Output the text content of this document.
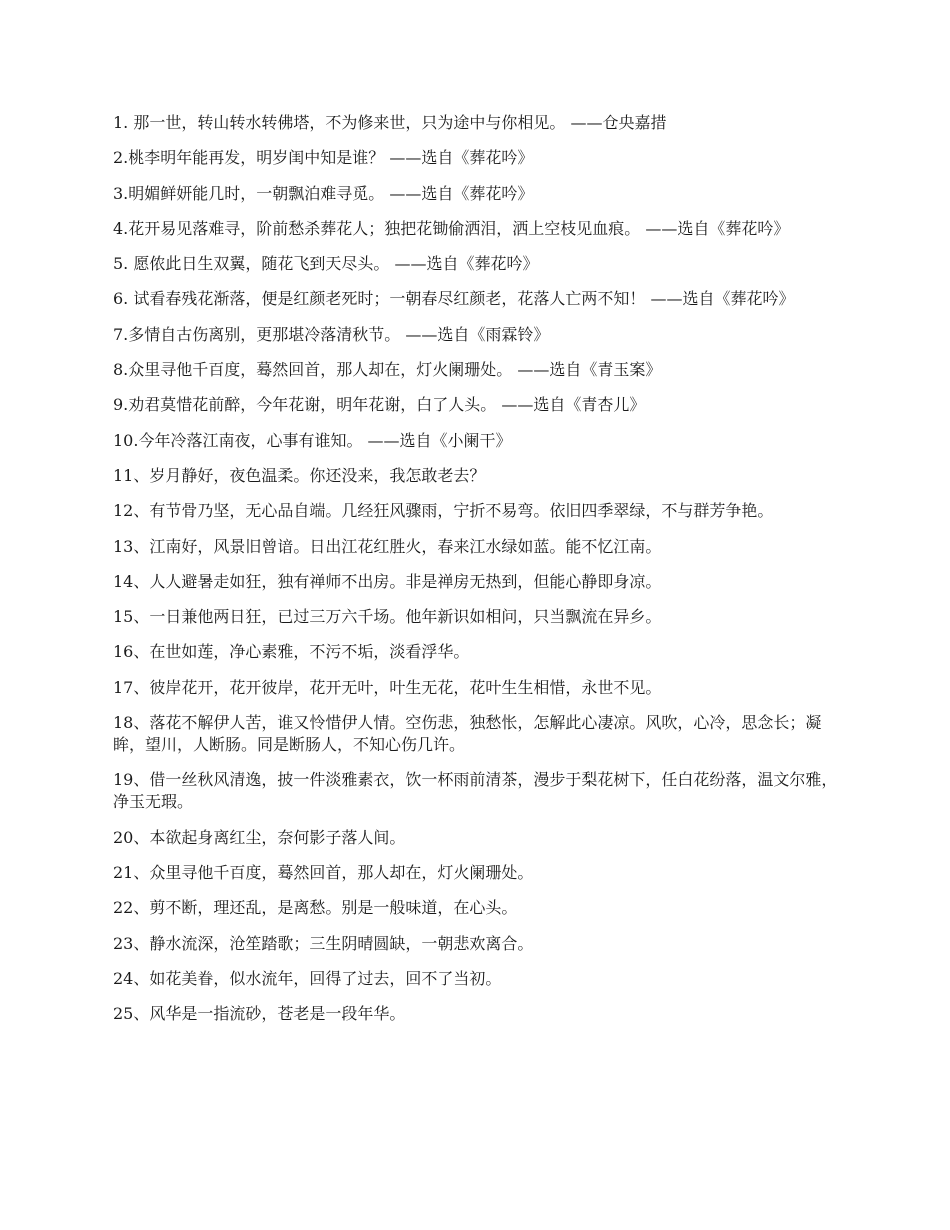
1. 那一世，转山转水转佛塔，不为修来世，只为途中与你相见。 ——仓央嘉措

2.桃李明年能再发，明岁闺中知是谁？ ——选自《葬花吟》

3.明媚鲜妍能几时，一朝飘泊难寻觅。 ——选自《葬花吟》

4.花开易见落难寻，阶前愁杀葬花人；独把花锄偷洒泪，洒上空枝见血痕。 ——选自《葬花吟》

5. 愿侬此日生双翼，随花飞到天尽头。 ——选自《葬花吟》

6. 试看春残花渐落，便是红颜老死时；一朝春尽红颜老，花落人亡两不知！ ——选自《葬花吟》

7.多情自古伤离别，更那堪冷落清秋节。 ——选自《雨霖铃》

8.众里寻他千百度，蓦然回首，那人却在，灯火阑珊处。 ——选自《青玉案》

9.劝君莫惜花前醉，今年花谢，明年花谢，白了人头。 ——选自《青杏儿》

10.今年冷落江南夜，心事有谁知。 ——选自《小阑干》

11、岁月静好，夜色温柔。你还没来，我怎敢老去？

12、有节骨乃坚，无心品自端。几经狂风骤雨，宁折不易弯。依旧四季翠绿，不与群芳争艳。

13、江南好，风景旧曾谙。日出江花红胜火，春来江水绿如蓝。能不忆江南。

14、人人避暑走如狂，独有禅师不出房。非是禅房无热到，但能心静即身凉。

15、一日兼他两日狂，已过三万六千场。他年新识如相问，只当飘流在异乡。

16、在世如莲，净心素雅，不污不垢，淡看浮华。

17、彼岸花开，花开彼岸，花开无叶，叶生无花，花叶生生相惜，永世不见。

18、落花不解伊人苦，谁又怜惜伊人情。空伤悲，独愁怅，怎解此心凄凉。风吹，心冷，思念长；凝眸，望川，人断肠。同是断肠人，不知心伤几许。

19、借一丝秋风清逸，披一件淡雅素衣，饮一杯雨前清茶，漫步于梨花树下，任白花纷落，温文尔雅，净玉无瑕。

20、本欲起身离红尘，奈何影子落人间。

21、众里寻他千百度，蓦然回首，那人却在，灯火阑珊处。

22、剪不断，理还乱，是离愁。别是一般味道，在心头。

23、静水流深，沧笙踏歌；三生阴晴圆缺，一朝悲欢离合。

24、如花美眷，似水流年，回得了过去，回不了当初。

25、风华是一指流砂，苍老是一段年华。
